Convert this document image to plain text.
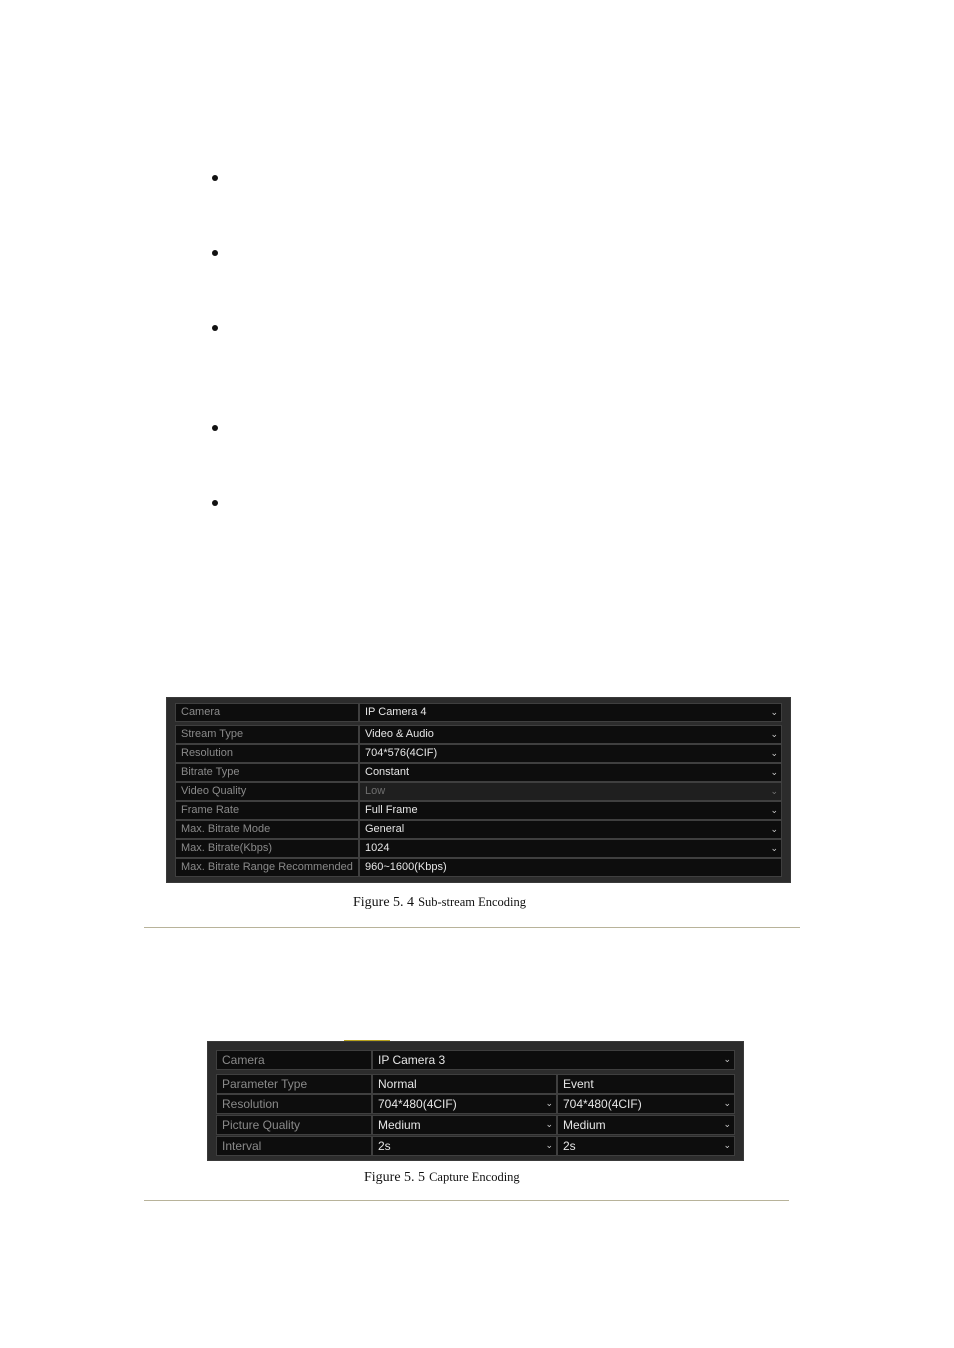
Camera	IP Camera 4	⌄
Stream Type	Video & Audio	⌄
Resolution	704*576(4CIF)	⌄
Bitrate Type	Constant	⌄
Video Quality	Low	⌄
Frame Rate	Full Frame	⌄
Max. Bitrate Mode	General	⌄
Max. Bitrate(Kbps)	1024	⌄
Max. Bitrate Range Recommended	960~1600(Kbps)
Figure 5. 4 Sub-stream Encoding
Camera	IP Camera 3	⌄
Parameter Type	Normal	Event
Resolution	704*480(4CIF)	⌄ 704*480(4CIF)	⌄
Picture Quality	Medium	⌄ Medium	⌄
Interval	2s	⌄ 2s	⌄
Figure 5. 5 Capture Encoding
